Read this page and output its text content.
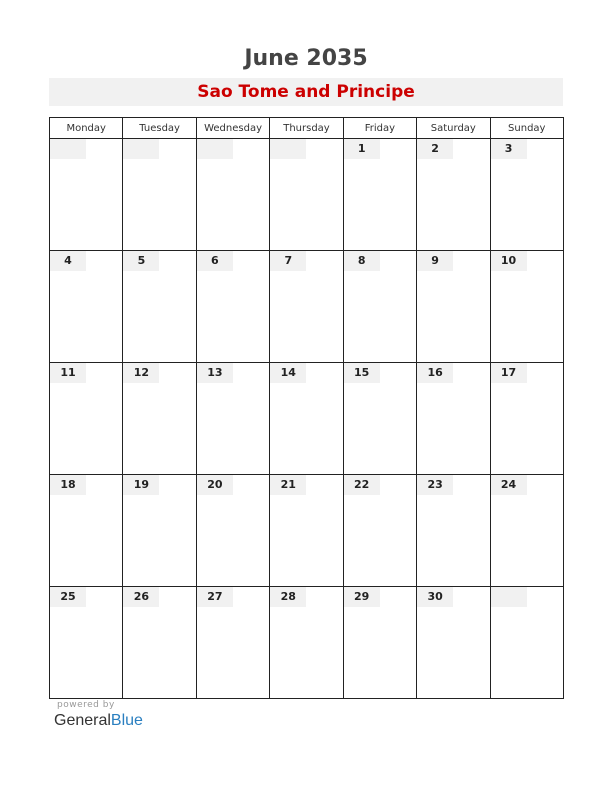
June 2035
Sao Tome and Principe
Monday	Tuesday	Wednesday	Thursday	Friday	Saturday	Sunday

				1	2	3

4	5	6	7	8	9	10

11	12	13	14	15	16	17

18	19	20	21	22	23	24

25	26	27	28	29	30	

powered by
GeneralBlue
